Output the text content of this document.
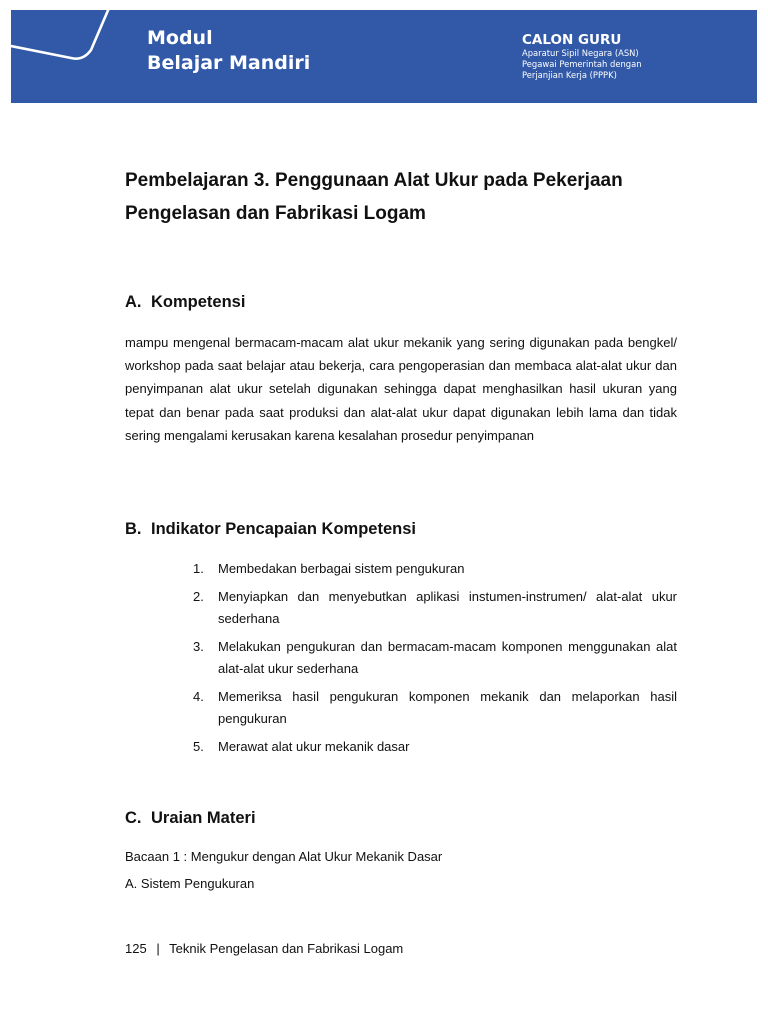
Modul
Belajar Mandiri
CALON GURU
Aparatur Sipil Negara (ASN)
Pegawai Pemerintah dengan
Perjanjian Kerja (PPPK)
Pembelajaran 3. Penggunaan Alat Ukur pada Pekerjaan
Pengelasan dan Fabrikasi Logam
A. Kompetensi
mampu mengenal bermacam-macam alat ukur mekanik yang sering digunakan pada bengkel/ workshop pada saat belajar atau bekerja, cara pengoperasian dan membaca alat-alat ukur dan penyimpanan alat ukur setelah digunakan sehingga dapat menghasilkan hasil ukuran yang tepat dan benar pada saat produksi dan alat-alat ukur dapat digunakan lebih lama dan tidak sering mengalami kerusakan karena kesalahan prosedur penyimpanan
B. Indikator Pencapaian Kompetensi
1. Membedakan berbagai sistem pengukuran
2. Menyiapkan dan menyebutkan aplikasi instumen-instrumen/ alat-alat ukur sederhana
3. Melakukan pengukuran dan bermacam-macam komponen menggunakan alat alat-alat ukur sederhana
4. Memeriksa hasil pengukuran komponen mekanik dan melaporkan hasil pengukuran
5. Merawat alat ukur mekanik dasar
C. Uraian Materi
Bacaan 1 : Mengukur dengan Alat Ukur Mekanik Dasar
A. Sistem Pengukuran
125 | Teknik Pengelasan dan Fabrikasi Logam
